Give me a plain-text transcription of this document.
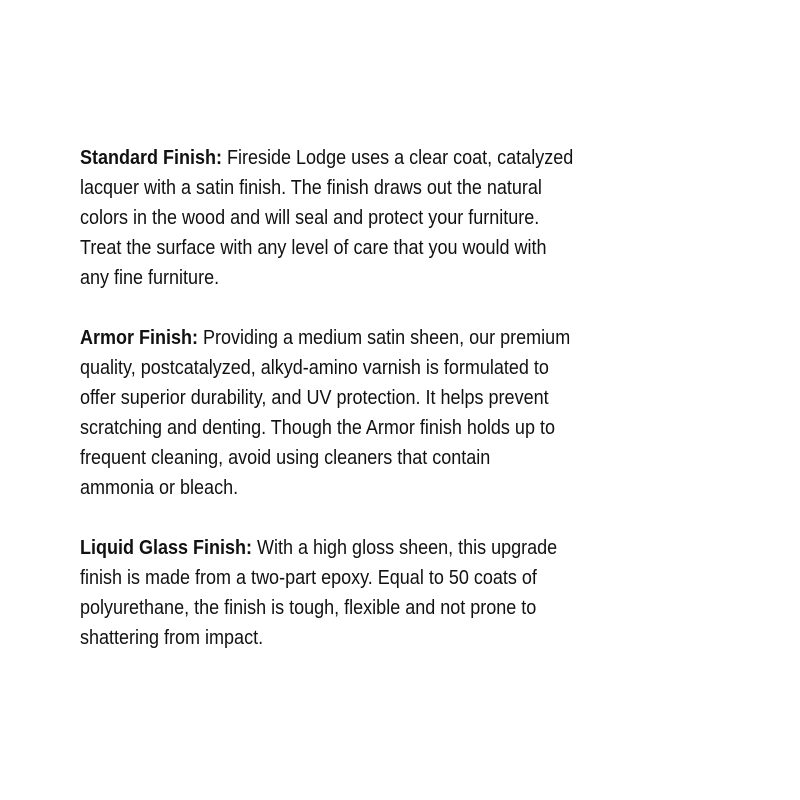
Standard Finish: Fireside Lodge uses a clear coat, catalyzed
lacquer with a satin finish. The finish draws out the natural
colors in the wood and will seal and protect your furniture.
Treat the surface with any level of care that you would with
any fine furniture.
Armor Finish: Providing a medium satin sheen, our premium
quality, postcatalyzed, alkyd-amino varnish is formulated to
offer superior durability, and UV protection. It helps prevent
scratching and denting. Though the Armor finish holds up to
frequent cleaning, avoid using cleaners that contain
ammonia or bleach.
Liquid Glass Finish: With a high gloss sheen, this upgrade
finish is made from a two-part epoxy. Equal to 50 coats of
polyurethane, the finish is tough, flexible and not prone to
shattering from impact.
